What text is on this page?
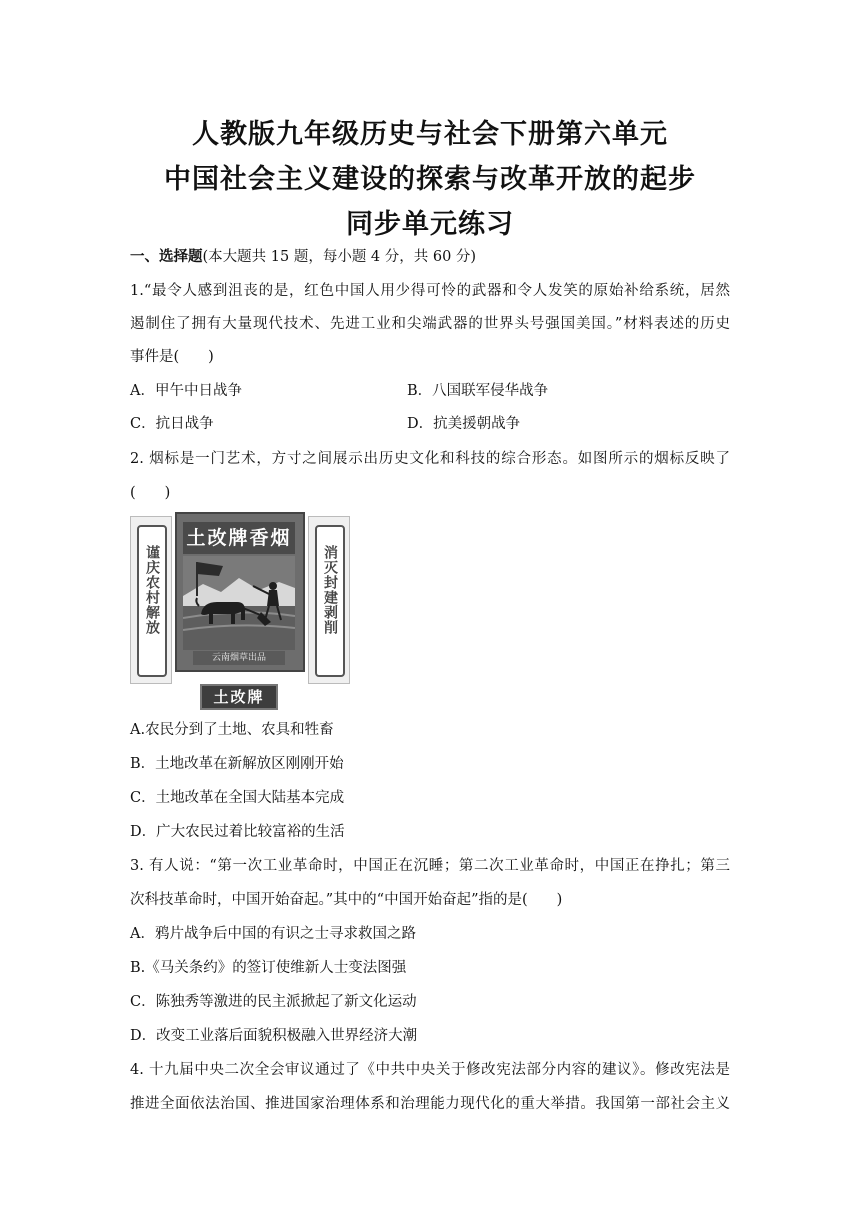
人教版九年级历史与社会下册第六单元
中国社会主义建设的探索与改革开放的起步
同步单元练习
一、选择题(本大题共 15 题，每小题 4 分，共 60 分)
1.“最令人感到沮丧的是，红色中国人用少得可怜的武器和令人发笑的原始补给系统，居然
遏制住了拥有大量现代技术、先进工业和尖端武器的世界头号强国美国。”材料表述的历史
事件是(　　)
A．甲午中日战争	B．八国联军侵华战争
C．抗日战争	D．抗美援朝战争
2. 烟标是一门艺术，方寸之间展示出历史文化和科技的综合形态。如图所示的烟标反映了
(　　)
谨庆农村解放
土改牌香烟
云南烟草出品
消灭封建剥削
土改牌
A.农民分到了土地、农具和牲畜
B．土地改革在新解放区刚刚开始
C．土地改革在全国大陆基本完成
D．广大农民过着比较富裕的生活
3. 有人说：“第一次工业革命时，中国正在沉睡；第二次工业革命时，中国正在挣扎；第三
次科技革命时，中国开始奋起。”其中的“中国开始奋起”指的是(　　)
A．鸦片战争后中国的有识之士寻求救国之路
B.《马关条约》的签订使维新人士变法图强
C．陈独秀等激进的民主派掀起了新文化运动
D．改变工业落后面貌积极融入世界经济大潮
4. 十九届中央二次全会审议通过了《中共中央关于修改宪法部分内容的建议》。修改宪法是
推进全面依法治国、推进国家治理体系和治理能力现代化的重大举措。我国第一部社会主义
